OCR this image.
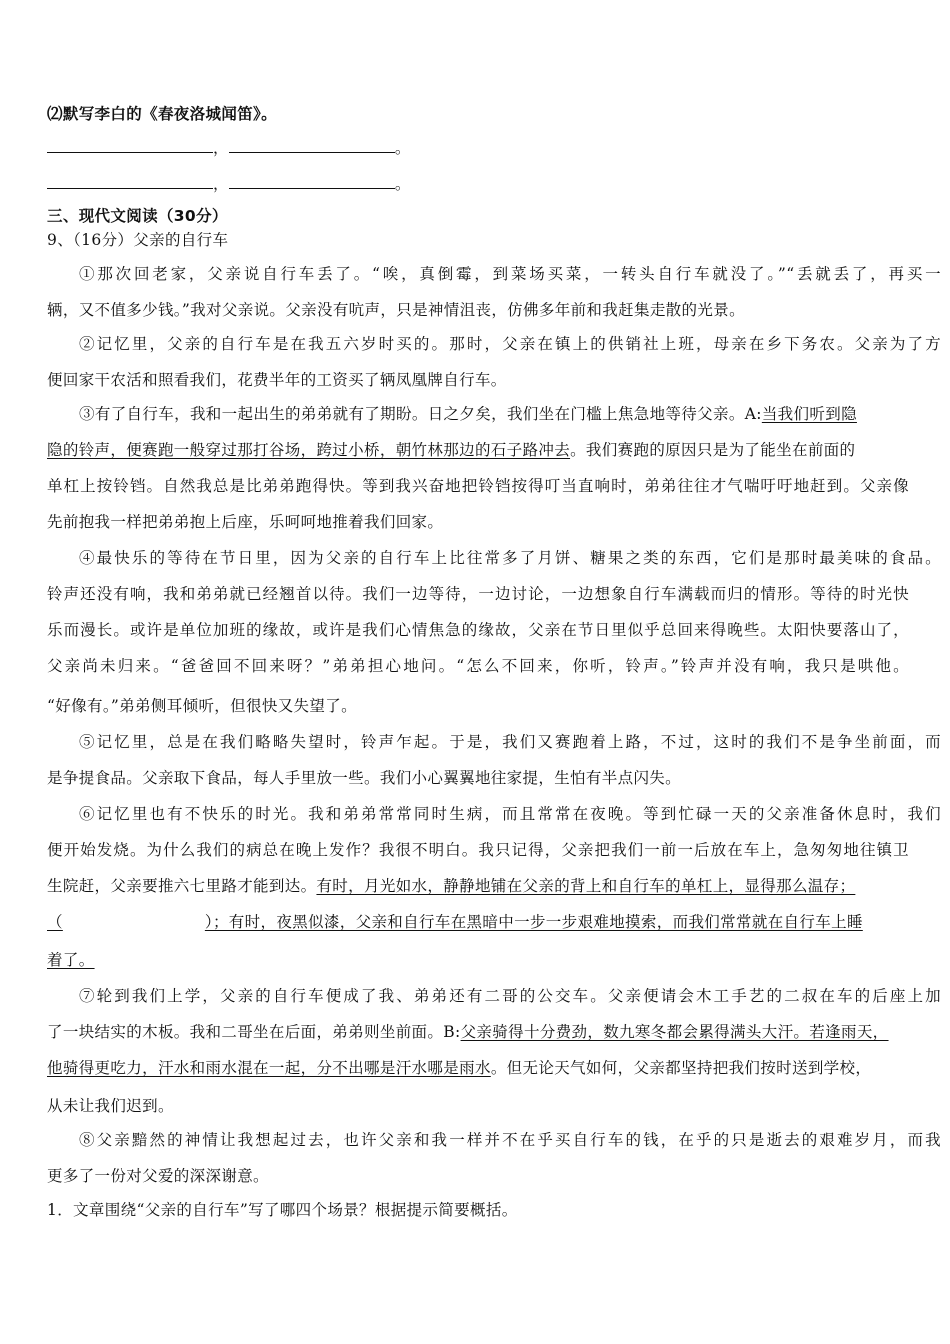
⑵默写李白的《春夜洛城闻笛》。
，	。
，	。
三、现代文阅读（30分）
9、（16分）父亲的自行车
①那次回老家，父亲说自行车丢了。“唉，真倒霉，到菜场买菜，一转头自行车就没了。”“丢就丢了，再买一
辆，又不值多少钱。”我对父亲说。父亲没有吭声，只是神情沮丧，仿佛多年前和我赶集走散的光景。
②记忆里，父亲的自行车是在我五六岁时买的。那时，父亲在镇上的供销社上班，母亲在乡下务农。父亲为了方
便回家干农活和照看我们，花费半年的工资买了辆凤凰牌自行车。
③有了自行车，我和一起出生的弟弟就有了期盼。日之夕矣，我们坐在门槛上焦急地等待父亲。A:当我们听到隐
隐的铃声，便赛跑一般穿过那打谷场，跨过小桥，朝竹林那边的石子路冲去。我们赛跑的原因只是为了能坐在前面的
单杠上按铃铛。自然我总是比弟弟跑得快。等到我兴奋地把铃铛按得叮当直响时，弟弟往往才气喘吁吁地赶到。父亲像
先前抱我一样把弟弟抱上后座，乐呵呵地推着我们回家。
④最快乐的等待在节日里，因为父亲的自行车上比往常多了月饼、糖果之类的东西，它们是那时最美味的食品。
铃声还没有响，我和弟弟就已经翘首以待。我们一边等待，一边讨论，一边想象自行车满载而归的情形。等待的时光快
乐而漫长。或许是单位加班的缘故，或许是我们心情焦急的缘故，父亲在节日里似乎总回来得晚些。太阳快要落山了，
父亲尚未归来。“爸爸回不回来呀？”弟弟担心地问。“怎么不回来，你听，铃声。”铃声并没有响，我只是哄他。
“好像有。”弟弟侧耳倾听，但很快又失望了。
⑤记忆里，总是在我们略略失望时，铃声乍起。于是，我们又赛跑着上路，不过，这时的我们不是争坐前面，而
是争提食品。父亲取下食品，每人手里放一些。我们小心翼翼地往家提，生怕有半点闪失。
⑥记忆里也有不快乐的时光。我和弟弟常常同时生病，而且常常在夜晚。等到忙碌一天的父亲准备休息时，我们
便开始发烧。为什么我们的病总在晚上发作？我很不明白。我只记得，父亲把我们一前一后放在车上，急匆匆地往镇卫
生院赶，父亲要推六七里路才能到达。有时，月光如水，静静地铺在父亲的背上和自行车的单杠上，显得那么温存；
（	）；有时，夜黑似漆，父亲和自行车在黑暗中一步一步艰难地摸索，而我们常常就在自行车上睡
着了。
⑦轮到我们上学，父亲的自行车便成了我、弟弟还有二哥的公交车。父亲便请会木工手艺的二叔在车的后座上加
了一块结实的木板。我和二哥坐在后面，弟弟则坐前面。B:父亲骑得十分费劲，数九寒冬都会累得满头大汗。若逢雨天，
他骑得更吃力，汗水和雨水混在一起，分不出哪是汗水哪是雨水。但无论天气如何，父亲都坚持把我们按时送到学校，
从未让我们迟到。
⑧父亲黯然的神情让我想起过去，也许父亲和我一样并不在乎买自行车的钱，在乎的只是逝去的艰难岁月，而我
更多了一份对父爱的深深谢意。
1．文章围绕“父亲的自行车”写了哪四个场景？根据提示简要概括。
